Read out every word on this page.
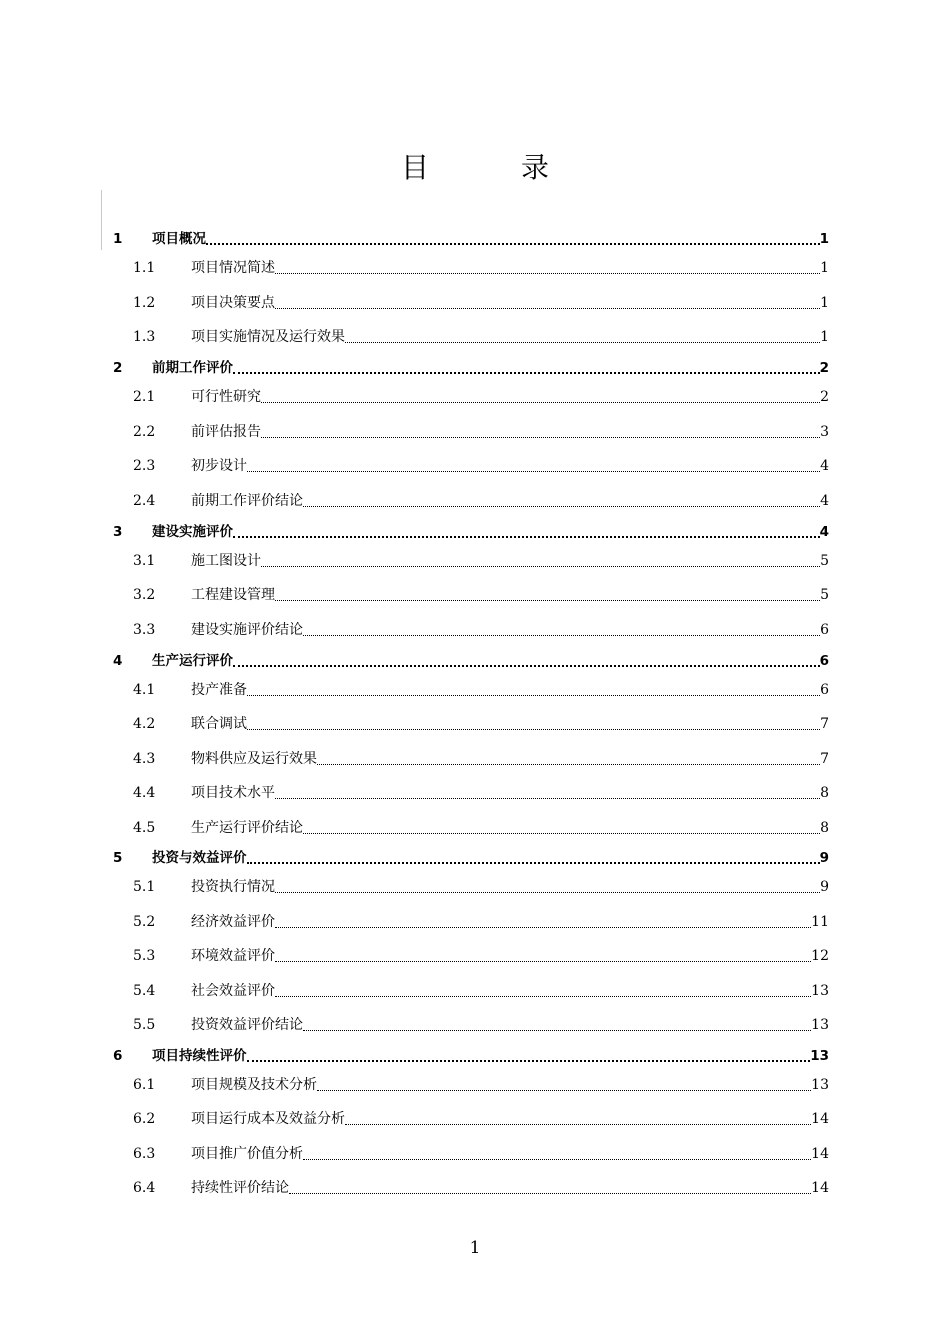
目　录
1 项目概况	1
1.1	项目情况简述	1
1.2	项目决策要点	1
1.3	项目实施情况及运行效果	1
2 前期工作评价	2
2.1	可行性研究	2
2.2	前评估报告	3
2.3	初步设计	4
2.4	前期工作评价结论	4
3 建设实施评价	4
3.1	施工图设计	5
3.2	工程建设管理	5
3.3	建设实施评价结论	6
4 生产运行评价	6
4.1	投产准备	6
4.2	联合调试	7
4.3	物料供应及运行效果	7
4.4	项目技术水平	8
4.5	生产运行评价结论	8
5 投资与效益评价	9
5.1	投资执行情况	9
5.2	经济效益评价	11
5.3	环境效益评价	12
5.4	社会效益评价	13
5.5	投资效益评价结论	13
6 项目持续性评价	13
6.1	项目规模及技术分析	13
6.2	项目运行成本及效益分析	14
6.3	项目推广价值分析	14
6.4	持续性评价结论	14
1
